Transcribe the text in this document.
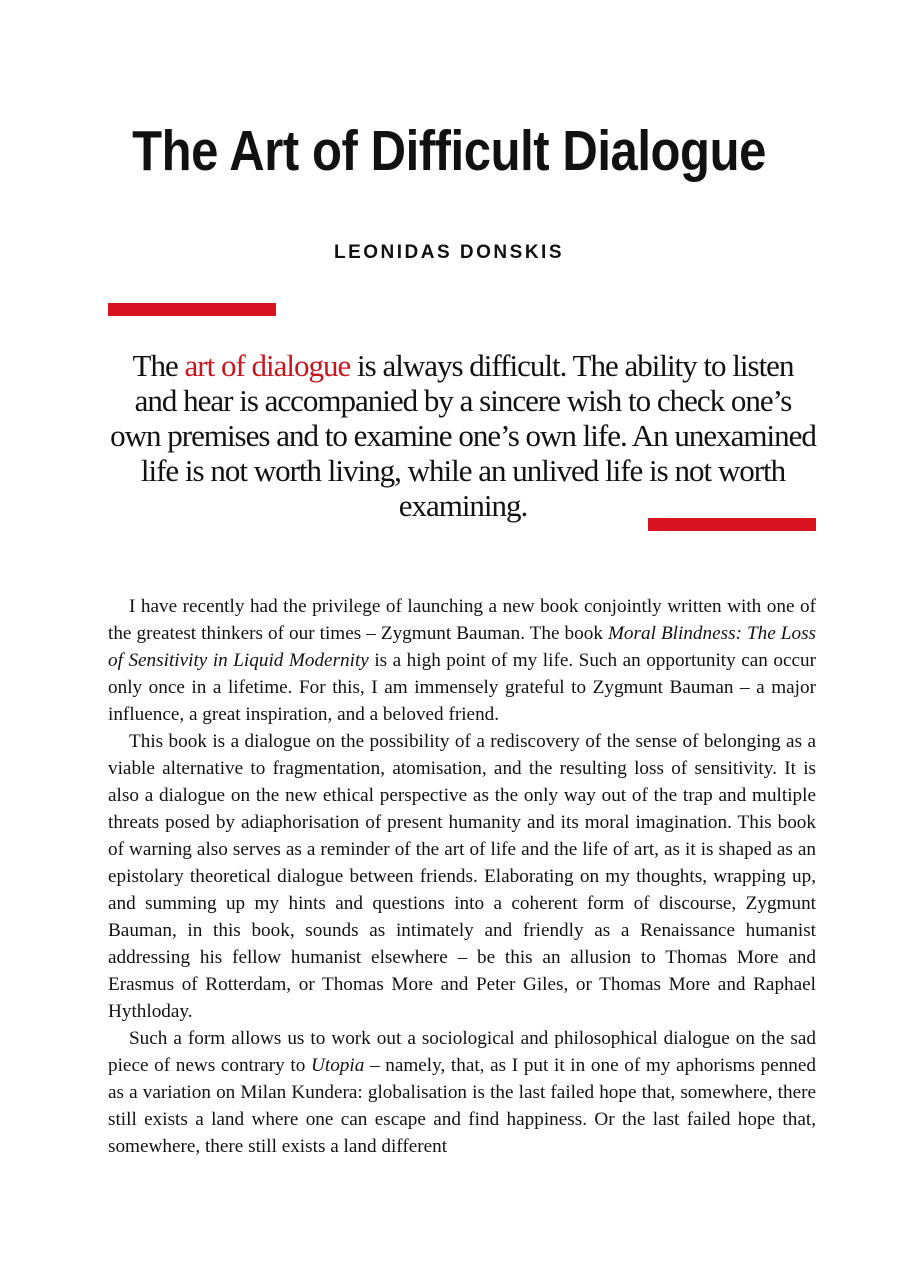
The Art of Difficult Dialogue
LEONIDAS DONSKIS

The art of dialogue is always difficult. The ability to listen and hear is accompanied by a sincere wish to check one’s own premises and to examine one’s own life. An unexamined life is not worth living, while an unlived life is not worth examining.

I have recently had the privilege of launching a new book conjointly written with one of the greatest thinkers of our times – Zygmunt Bauman. The book Moral Blindness: The Loss of Sensitivity in Liquid Modernity is a high point of my life. Such an opportunity can occur only once in a lifetime. For this, I am immensely grateful to Zygmunt Bauman – a major influence, a great inspiration, and a beloved friend.

This book is a dialogue on the possibility of a rediscovery of the sense of belonging as a viable alternative to fragmentation, atomisation, and the resulting loss of sensitivity. It is also a dialogue on the new ethical perspective as the only way out of the trap and multiple threats posed by adiaphorisation of present humanity and its moral imagination. This book of warning also serves as a reminder of the art of life and the life of art, as it is shaped as an epistolary theoretical dialogue between friends. Elaborating on my thoughts, wrapping up, and summing up my hints and questions into a coherent form of discourse, Zygmunt Bauman, in this book, sounds as intimately and friendly as a Renaissance humanist addressing his fellow humanist elsewhere – be this an allusion to Thomas More and Erasmus of Rotterdam, or Thomas More and Peter Giles, or Thomas More and Raphael Hythloday.

Such a form allows us to work out a sociological and philosophical dialogue on the sad piece of news contrary to Utopia – namely, that, as I put it in one of my aphorisms penned as a variation on Milan Kundera: globalisation is the last failed hope that, somewhere, there still exists a land where one can escape and find happiness. Or the last failed hope that, somewhere, there still exists a land different
